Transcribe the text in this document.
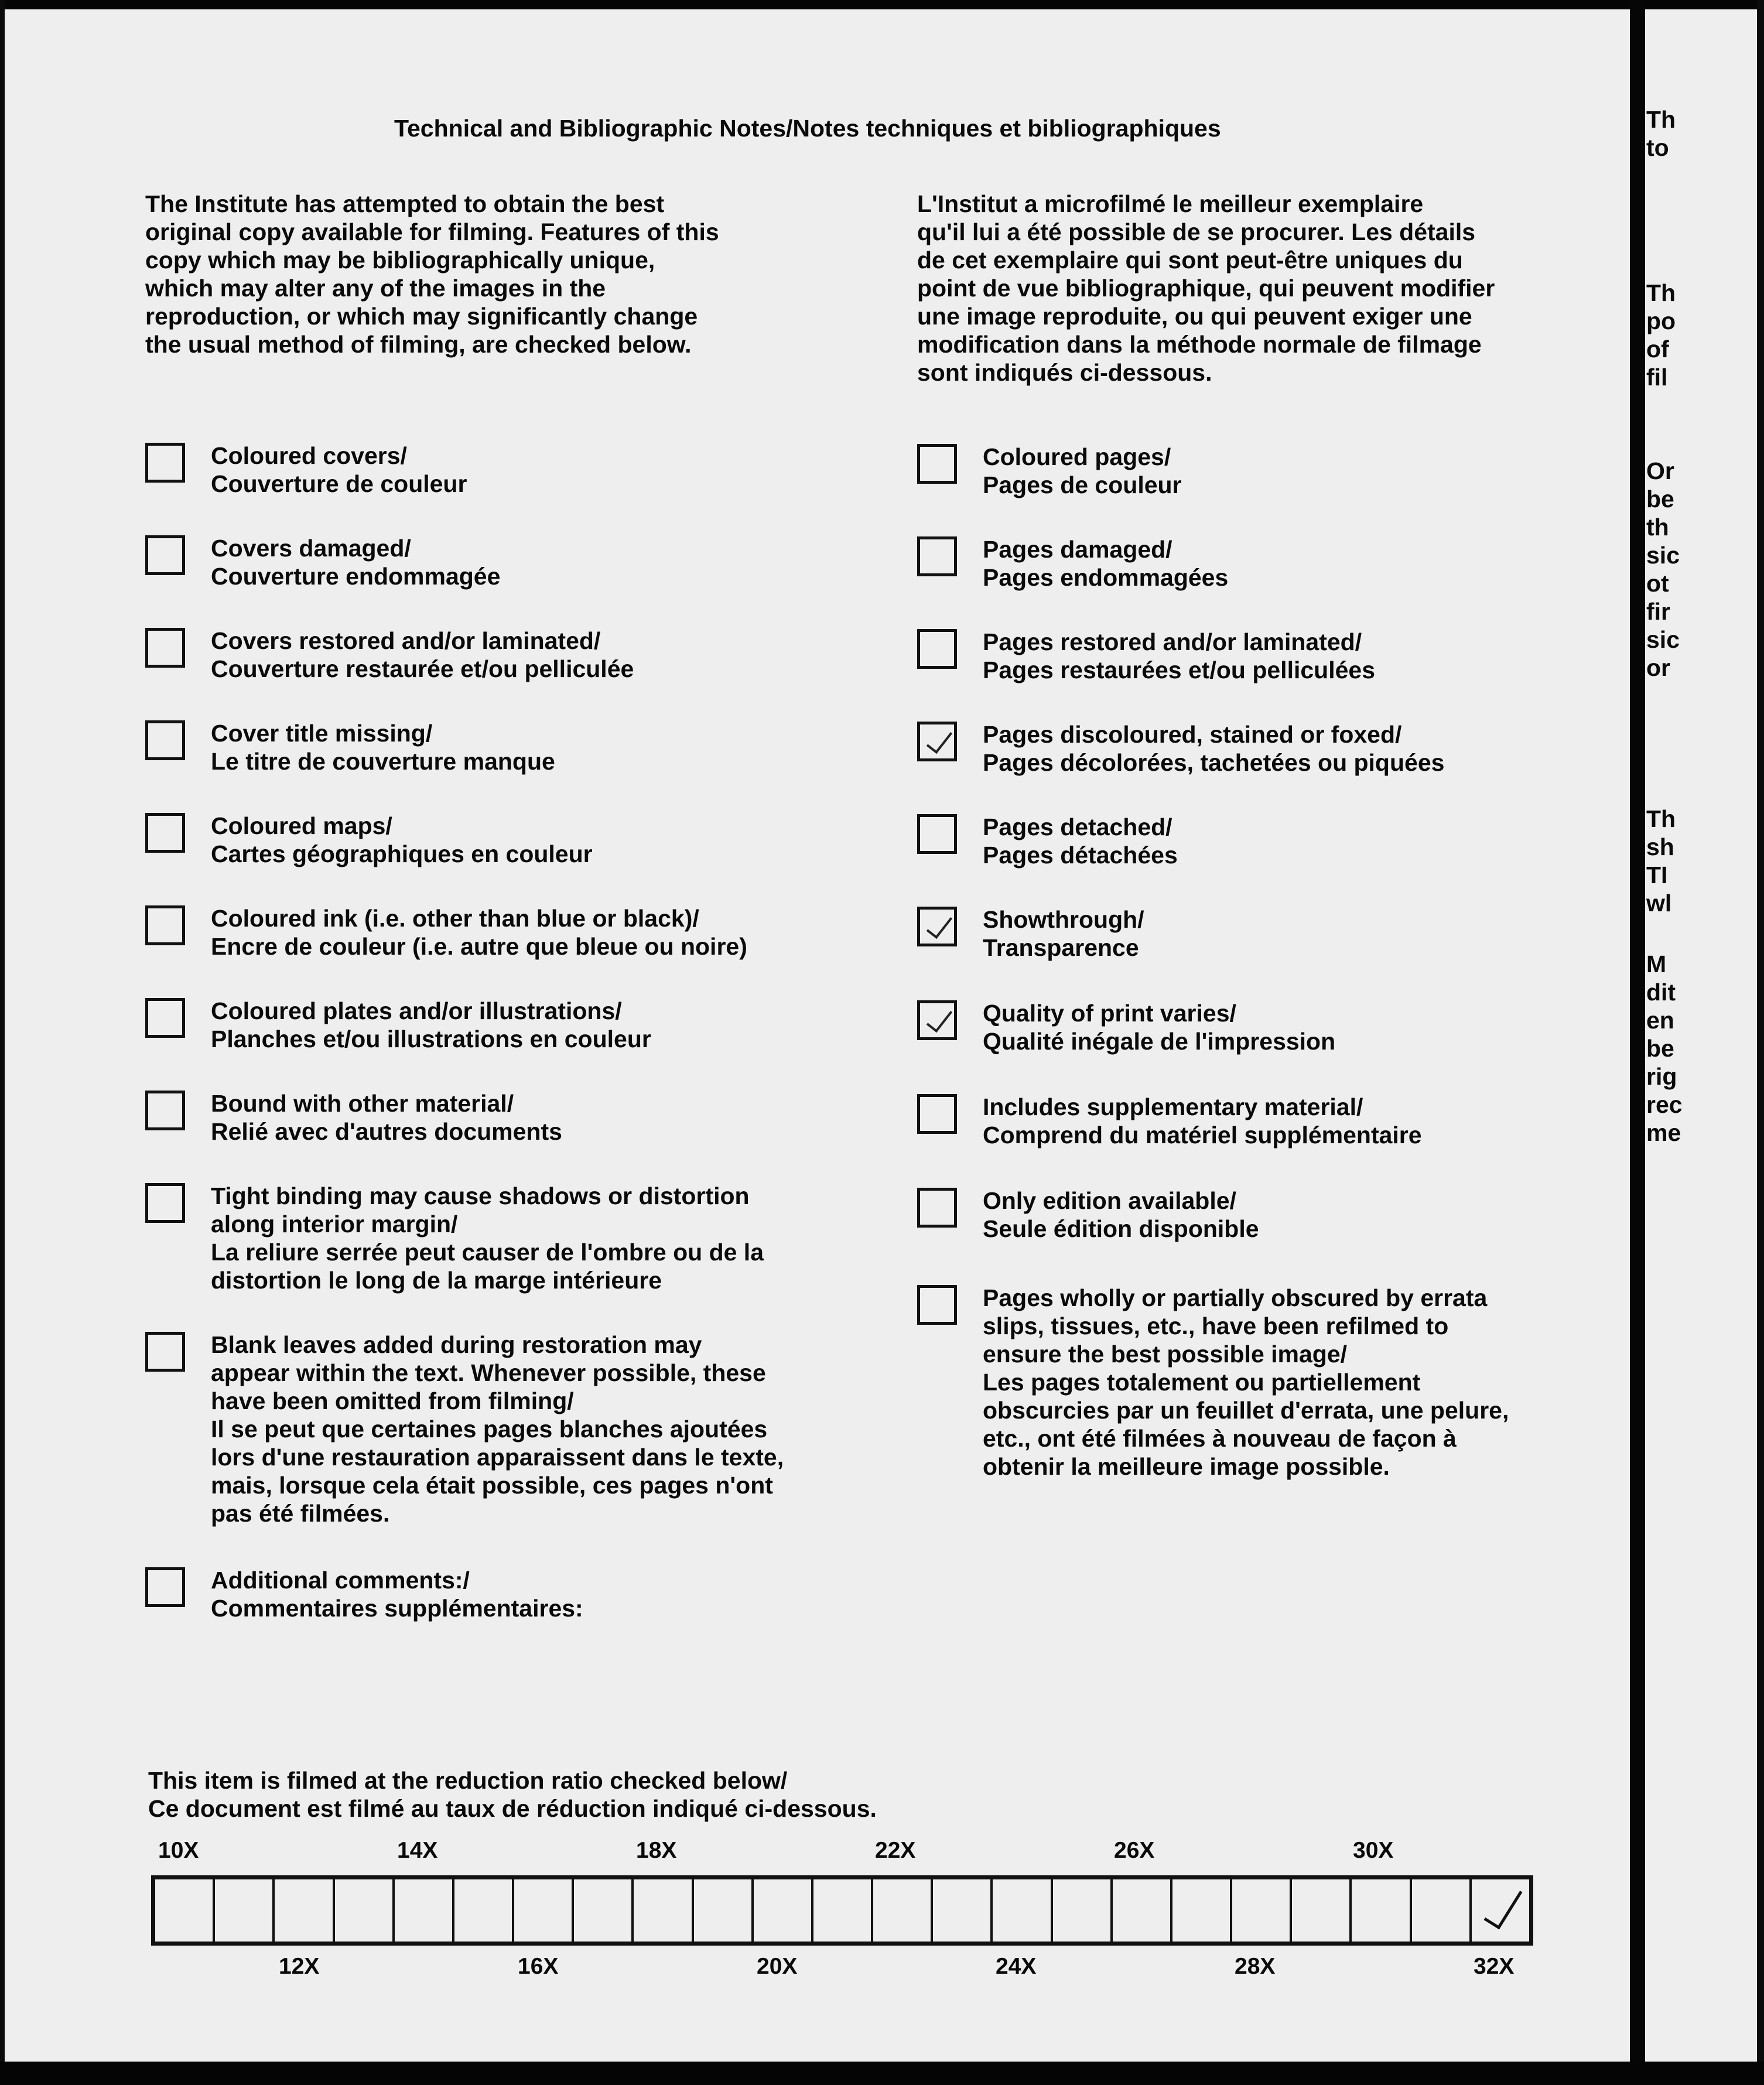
Technical and Bibliographic Notes/Notes techniques et bibliographiques
The Institute has attempted to obtain the best
original copy available for filming. Features of this
copy which may be bibliographically unique,
which may alter any of the images in the
reproduction, or which may significantly change
the usual method of filming, are checked below.
L'Institut a microfilmé le meilleur exemplaire
qu'il lui a été possible de se procurer. Les détails
de cet exemplaire qui sont peut-être uniques du
point de vue bibliographique, qui peuvent modifier
une image reproduite, ou qui peuvent exiger une
modification dans la méthode normale de filmage
sont indiqués ci-dessous.
Coloured covers/
Couverture de couleur
Covers damaged/
Couverture endommagée
Covers restored and/or laminated/
Couverture restaurée et/ou pelliculée
Cover title missing/
Le titre de couverture manque
Coloured maps/
Cartes géographiques en couleur
Coloured ink (i.e. other than blue or black)/
Encre de couleur (i.e. autre que bleue ou noire)
Coloured plates and/or illustrations/
Planches et/ou illustrations en couleur
Bound with other material/
Relié avec d'autres documents
Tight binding may cause shadows or distortion
along interior margin/
La reliure serrée peut causer de l'ombre ou de la
distortion le long de la marge intérieure
Blank leaves added during restoration may
appear within the text. Whenever possible, these
have been omitted from filming/
Il se peut que certaines pages blanches ajoutées
lors d'une restauration apparaissent dans le texte,
mais, lorsque cela était possible, ces pages n'ont
pas été filmées.
Additional comments:/
Commentaires supplémentaires:
Coloured pages/
Pages de couleur
Pages damaged/
Pages endommagées
Pages restored and/or laminated/
Pages restaurées et/ou pelliculées
Pages discoloured, stained or foxed/
Pages décolorées, tachetées ou piquées
Pages detached/
Pages détachées
Showthrough/
Transparence
Quality of print varies/
Qualité inégale de l'impression
Includes supplementary material/
Comprend du matériel supplémentaire
Only edition available/
Seule édition disponible
Pages wholly or partially obscured by errata
slips, tissues, etc., have been refilmed to
ensure the best possible image/
Les pages totalement ou partiellement
obscurcies par un feuillet d'errata, une pelure,
etc., ont été filmées à nouveau de façon à
obtenir la meilleure image possible.
This item is filmed at the reduction ratio checked below/
Ce document est filmé au taux de réduction indiqué ci-dessous.
10X	14X	18X	22X	26X	30X
12X	16X	20X	24X	28X	32X
Th
to
Th
po
of
fil
Or
be
th
sic
ot
fir
sic
or
Th
sh
TI
wl
M
dit
en
be
rig
rec
me
